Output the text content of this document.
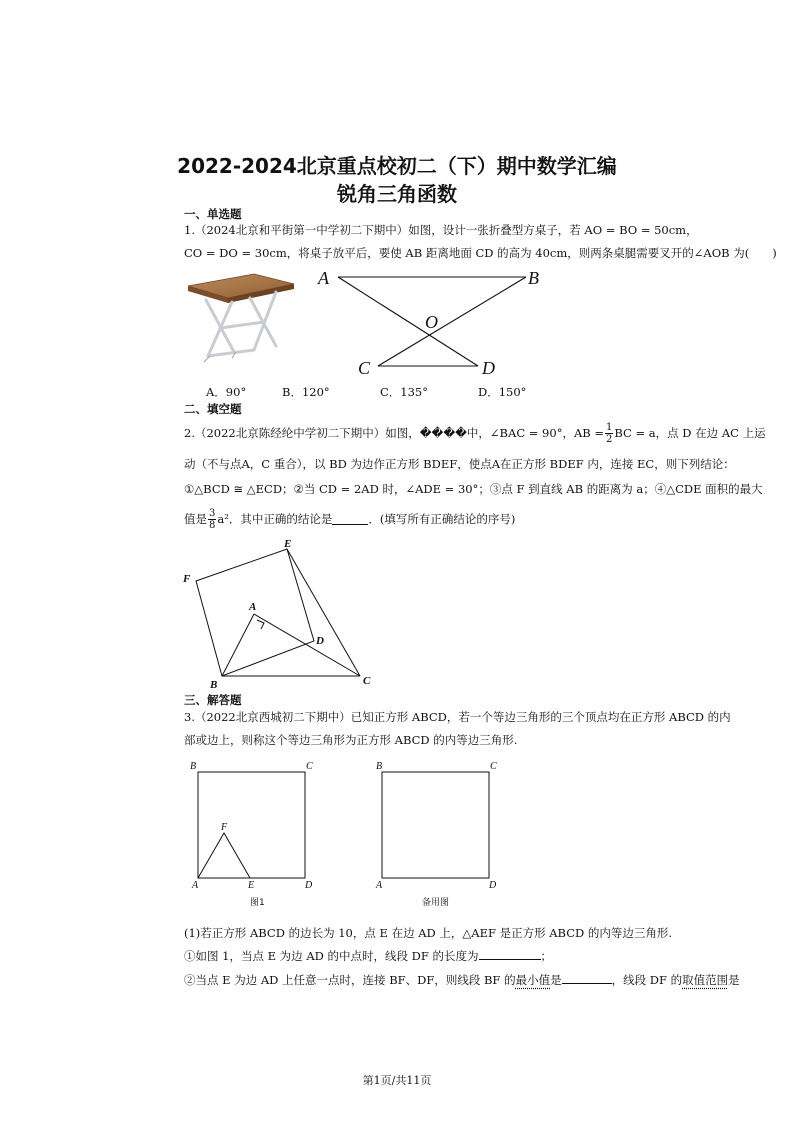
2022-2024北京重点校初二（下）期中数学汇编
锐角三角函数
一、单选题
1.（2024北京和平街第一中学初二下期中）如图，设计一张折叠型方桌子，若 AO = BO = 50cm，
CO = DO = 30cm，将桌子放平后，要使 AB 距离地面 CD 的高为 40cm，则两条桌腿需要叉开的∠AOB 为(　　)
A	B
O
C	D
A．90°	B．120°	C．135°	D．150°
二、填空题
2.（2022北京陈经纶中学初二下期中）如图， ���� 中，∠BAC = 90°，AB = $\frac{1}{2}$ BC = a，点 D 在边 AC 上运
动（不与点A，C 重合），以 BD 为边作正方形 BDEF，使点A在正方形 BDEF 内，连接 EC，则下列结论：
①△BCD ≅ △ECD；②当 CD = 2AD 时，∠ADE = 30°；③点 F 到直线 AB 的距离为 a；④△CDE 面积的最大
值是 $\frac{3}{8} a^2$．其中正确的结论是	．(填写所有正确结论的序号)
E
F
A
D
B	C
三、解答题
3.（2022北京西城初二下期中）已知正方形 ABCD，若一个等边三角形的三个顶点均在正方形 ABCD 的内
部或边上，则称这个等边三角形为正方形 ABCD 的内等边三角形.
B	C
F
A	E	D
图1
B	C
A	D
备用图
(1)若正方形 ABCD 的边长为 10，点 E 在边 AD 上，△AEF 是正方形 ABCD 的内等边三角形.
①如图 1，当点 E 为边 AD 的中点时，线段 DF 的长度为	；
②当点 E 为边 AD 上任意一点时，连接 BF、DF，则线段 BF 的最小值是	，线段 DF 的取值范围是
第1页/共11页
